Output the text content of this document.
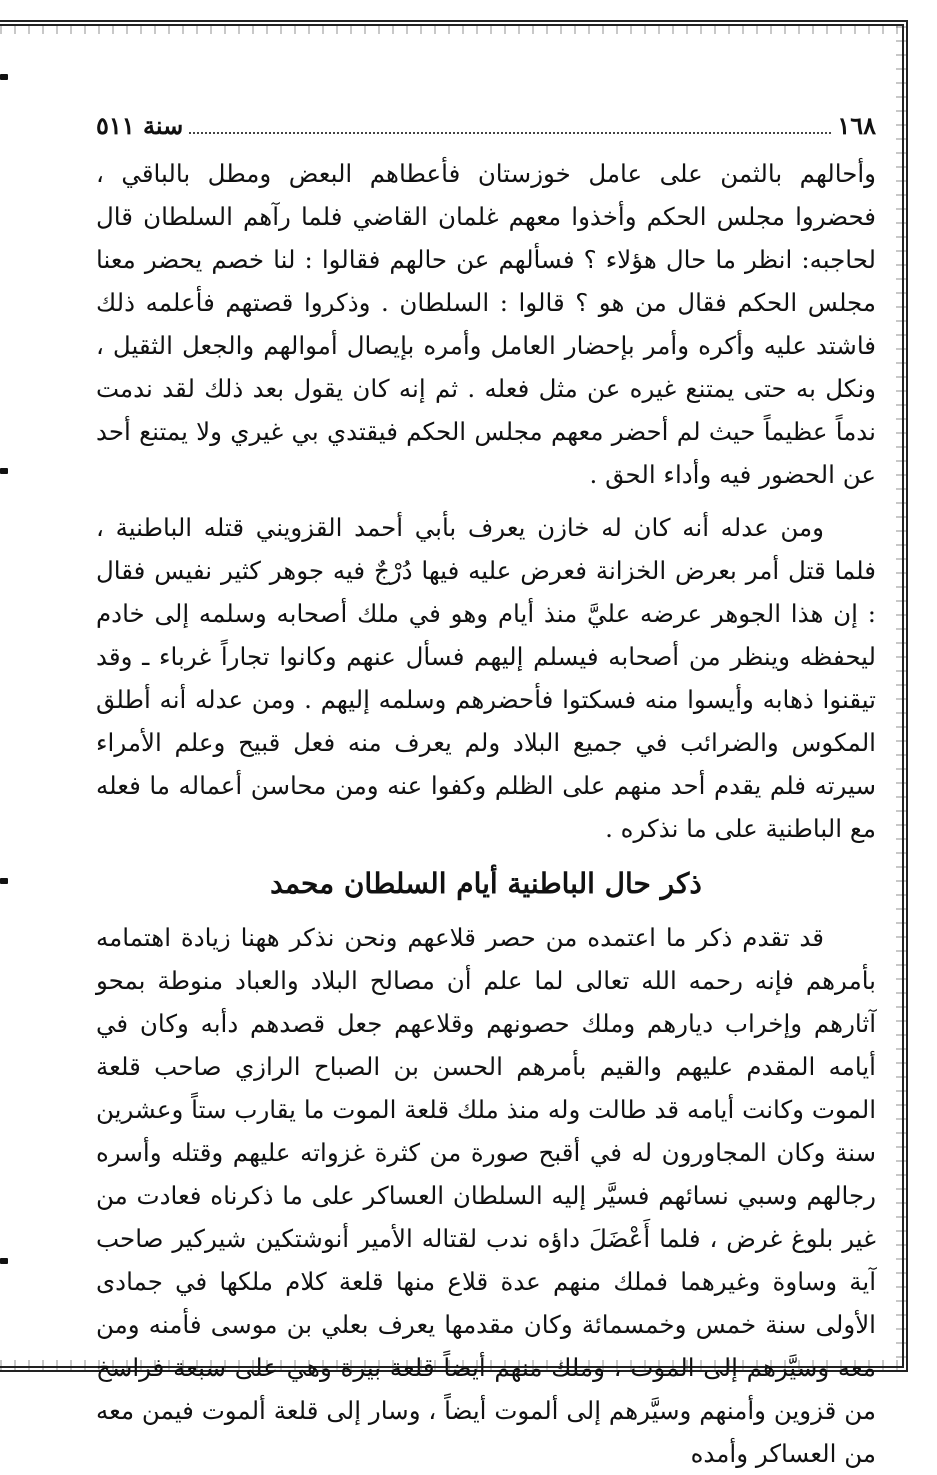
١٦٨
سنة ٥١١

وأحالهم بالثمن على عامل خوزستان فأعطاهم البعض ومطل بالباقي ، فحضروا مجلس الحكم وأخذوا معهم غلمان القاضي فلما رآهم السلطان قال لحاجبه: انظر ما حال هؤلاء ؟ فسألهم عن حالهم فقالوا : لنا خصم يحضر معنا مجلس الحكم فقال من هو ؟ قالوا : السلطان . وذكروا قصتهم فأعلمه ذلك فاشتد عليه وأكره وأمر بإحضار العامل وأمره بإيصال أموالهم والجعل الثقيل ، ونكل به حتى يمتنع غيره عن مثل فعله . ثم إنه كان يقول بعد ذلك لقد ندمت ندماً عظيماً حيث لم أحضر معهم مجلس الحكم فيقتدي بي غيري ولا يمتنع أحد عن الحضور فيه وأداء الحق .

ومن عدله أنه كان له خازن يعرف بأبي أحمد القزويني قتله الباطنية ، فلما قتل أمر بعرض الخزانة فعرض عليه فيها دُرْجٌ فيه جوهر كثير نفيس فقال : إن هذا الجوهر عرضه عليَّ منذ أيام وهو في ملك أصحابه وسلمه إلى خادم ليحفظه وينظر من أصحابه فيسلم إليهم فسأل عنهم وكانوا تجاراً غرباء ـ وقد تيقنوا ذهابه وأيسوا منه فسكتوا فأحضرهم وسلمه إليهم . ومن عدله أنه أطلق المكوس والضرائب في جميع البلاد ولم يعرف منه فعل قبيح وعلم الأمراء سيرته فلم يقدم أحد منهم على الظلم وكفوا عنه ومن محاسن أعماله ما فعله مع الباطنية على ما نذكره .

ذكر حال الباطنية أيام السلطان محمد

قد تقدم ذكر ما اعتمده من حصر قلاعهم ونحن نذكر ههنا زيادة اهتمامه بأمرهم فإنه رحمه الله تعالى لما علم أن مصالح البلاد والعباد منوطة بمحو آثارهم وإخراب ديارهم وملك حصونهم وقلاعهم جعل قصدهم دأبه وكان في أيامه المقدم عليهم والقيم بأمرهم الحسن بن الصباح الرازي صاحب قلعة الموت وكانت أيامه قد طالت وله منذ ملك قلعة الموت ما يقارب ستاً وعشرين سنة وكان المجاورون له في أقبح صورة من كثرة غزواته عليهم وقتله وأسره رجالهم وسبي نسائهم فسيَّر إليه السلطان العساكر على ما ذكرناه فعادت من غير بلوغ غرض ، فلما أَعْضَلَ داؤه ندب لقتاله الأمير أنوشتكين شيركير صاحب آية وساوة وغيرهما فملك منهم عدة قلاع منها قلعة كلام ملكها في جمادى الأولى سنة خمس وخمسمائة وكان مقدمها يعرف بعلي بن موسى فأمنه ومن معه وسيَّرهم إلى الموت ، وملك منهم أيضاً قلعة بيرة وهي على سبعة فراسخ من قزوين وأمنهم وسيَّرهم إلى ألموت أيضاً ، وسار إلى قلعة ألموت فيمن معه من العساكر وأمده
